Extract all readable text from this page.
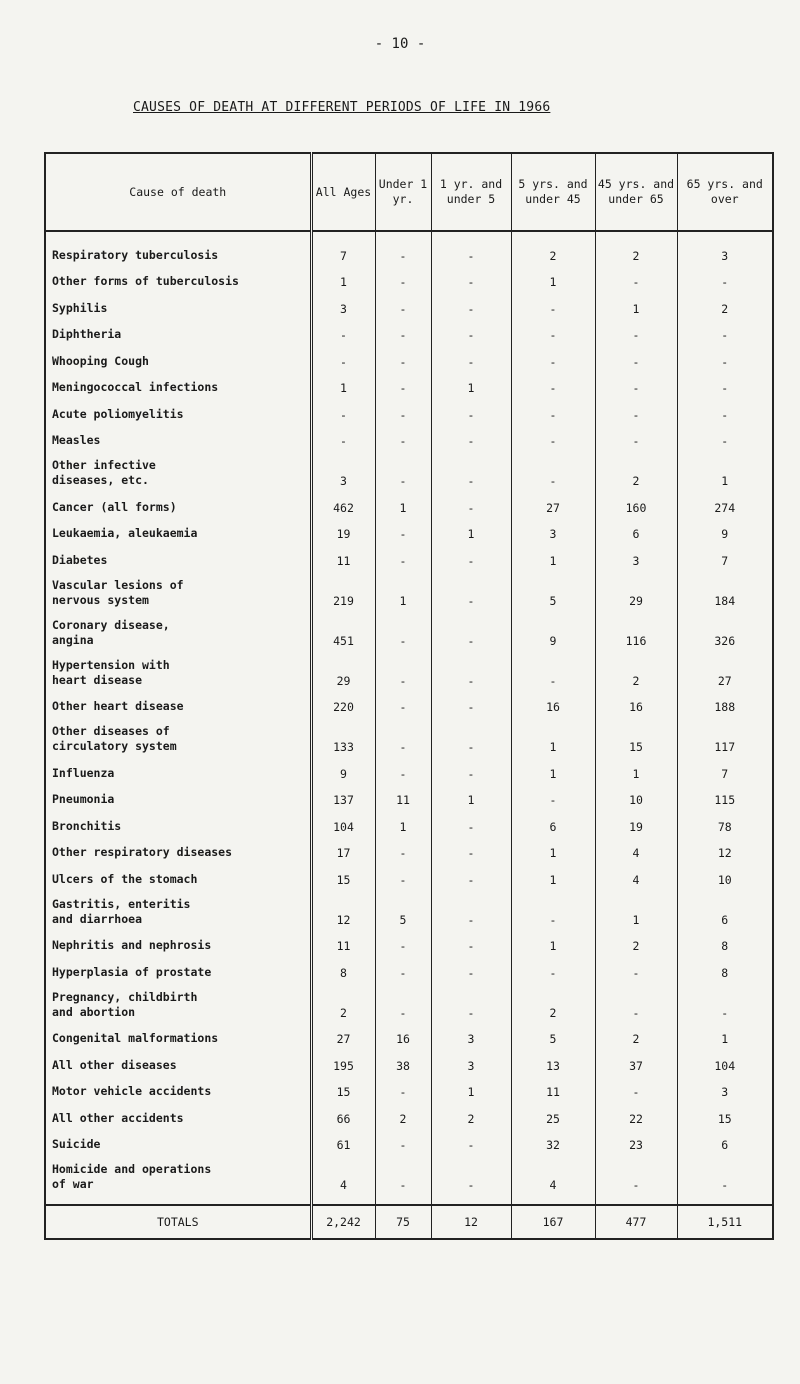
- 10 -
CAUSES OF DEATH AT DIFFERENT PERIODS OF LIFE IN 1966
Cause of death	All Ages	Under 1 yr.	1 yr. and under 5	5 yrs. and under 45	45 yrs. and under 65	65 yrs. and over

Respiratory tuberculosis	7	-	-	2	2	3

Other forms of tuberculosis	1	-	-	1	-	-

Syphilis	3	-	-	-	1	2

Diphtheria	-	-	-	-	-	-

Whooping Cough	-	-	-	-	-	-

Meningococcal infections	1	-	1	-	-	-

Acute poliomyelitis	-	-	-	-	-	-

Measles	-	-	-	-	-	-

Other infective
diseases, etc.	3	-	-	-	2	1

Cancer (all forms)	462	1	-	27	160	274

Leukaemia, aleukaemia	19	-	1	3	6	9

Diabetes	11	-	-	1	3	7

Vascular lesions of
nervous system	219	1	-	5	29	184

Coronary disease,
angina	451	-	-	9	116	326

Hypertension with
heart disease	29	-	-	-	2	27

Other heart disease	220	-	-	16	16	188

Other diseases of
circulatory system	133	-	-	1	15	117

Influenza	9	-	-	1	1	7

Pneumonia	137	11	1	-	10	115

Bronchitis	104	1	-	6	19	78

Other respiratory diseases	17	-	-	1	4	12

Ulcers of the stomach	15	-	-	1	4	10

Gastritis, enteritis
and diarrhoea	12	5	-	-	1	6

Nephritis and nephrosis	11	-	-	1	2	8

Hyperplasia of prostate	8	-	-	-	-	8

Pregnancy, childbirth
and abortion	2	-	-	2	-	-

Congenital malformations	27	16	3	5	2	1

All other diseases	195	38	3	13	37	104

Motor vehicle accidents	15	-	1	11	-	3

All other accidents	66	2	2	25	22	15

Suicide	61	-	-	32	23	6

Homicide and operations
of war	4	-	-	4	-	-

TOTALS	2,242	75	12	167	477	1,511
